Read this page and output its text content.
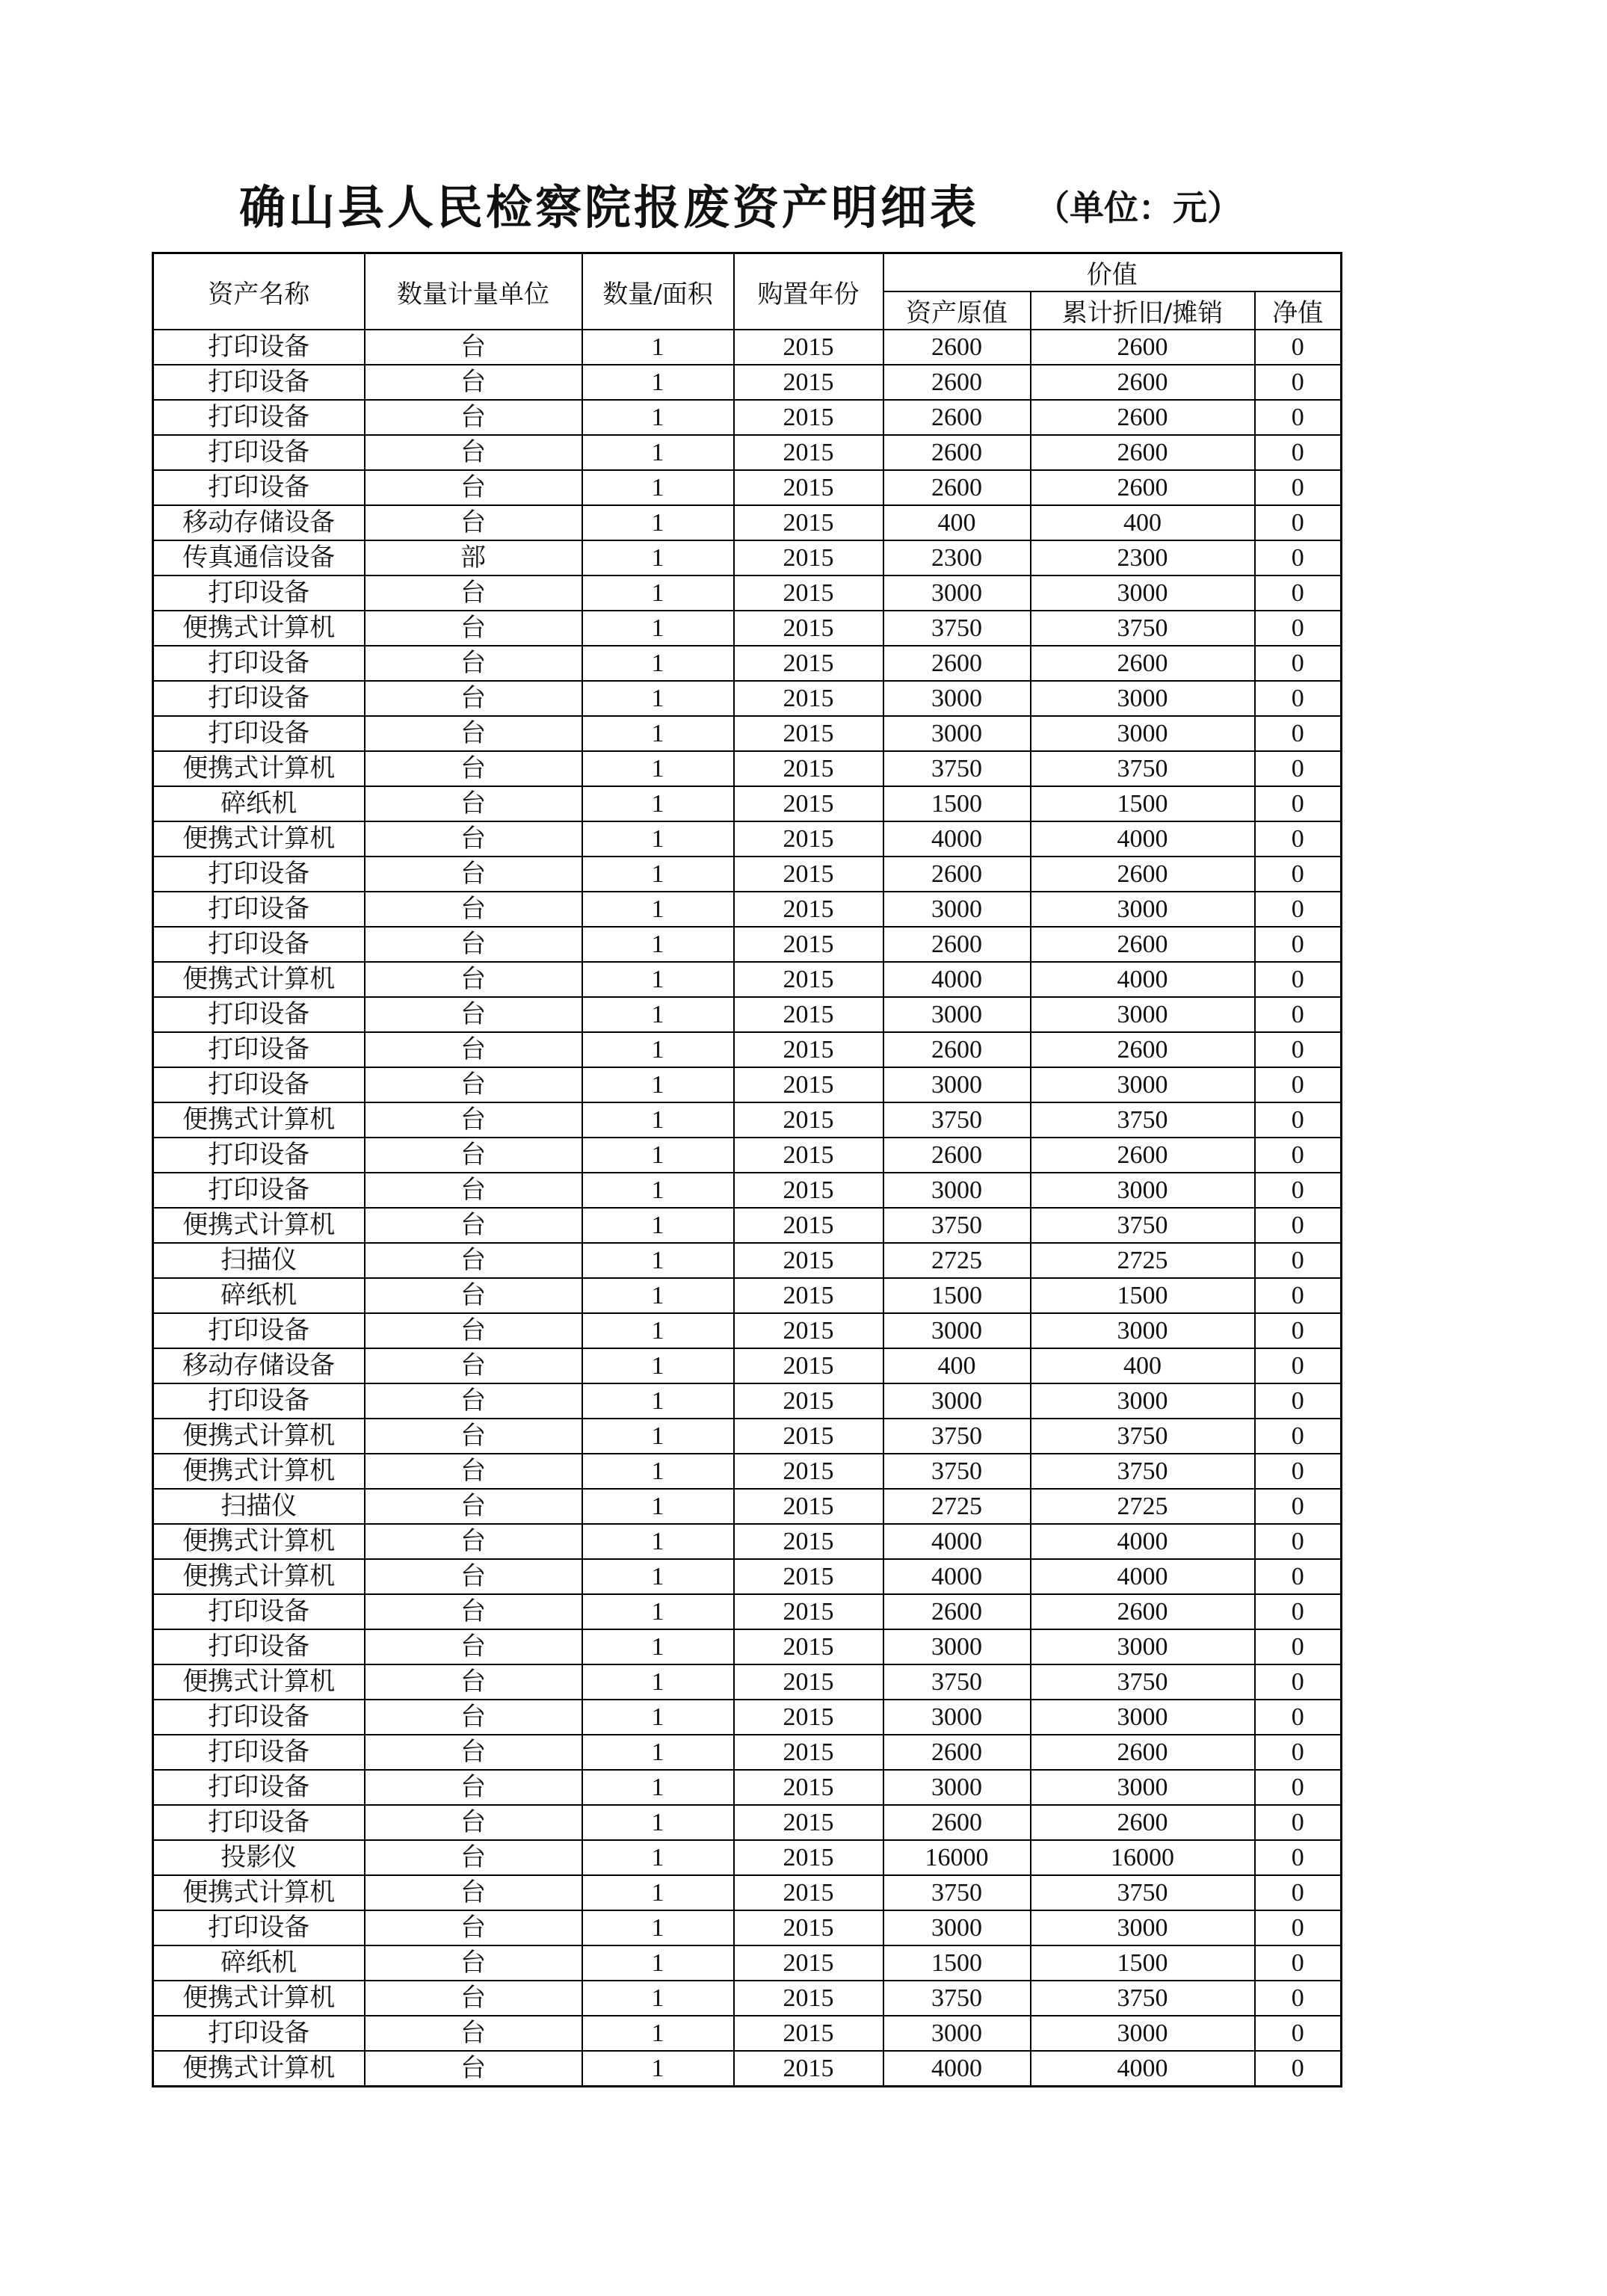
确山县人民检察院报废资产明细表 （单位：元）
资产名称	数量计量单位	数量/面积	购置年份	价值		
				资产原值	累计折旧/摊销	净值
打印设备	台	1	2015	2600	2600	0
打印设备	台	1	2015	2600	2600	0
打印设备	台	1	2015	2600	2600	0
打印设备	台	1	2015	2600	2600	0
打印设备	台	1	2015	2600	2600	0
移动存储设备	台	1	2015	400	400	0
传真通信设备	部	1	2015	2300	2300	0
打印设备	台	1	2015	3000	3000	0
便携式计算机	台	1	2015	3750	3750	0
打印设备	台	1	2015	2600	2600	0
打印设备	台	1	2015	3000	3000	0
打印设备	台	1	2015	3000	3000	0
便携式计算机	台	1	2015	3750	3750	0
碎纸机	台	1	2015	1500	1500	0
便携式计算机	台	1	2015	4000	4000	0
打印设备	台	1	2015	2600	2600	0
打印设备	台	1	2015	3000	3000	0
打印设备	台	1	2015	2600	2600	0
便携式计算机	台	1	2015	4000	4000	0
打印设备	台	1	2015	3000	3000	0
打印设备	台	1	2015	2600	2600	0
打印设备	台	1	2015	3000	3000	0
便携式计算机	台	1	2015	3750	3750	0
打印设备	台	1	2015	2600	2600	0
打印设备	台	1	2015	3000	3000	0
便携式计算机	台	1	2015	3750	3750	0
扫描仪	台	1	2015	2725	2725	0
碎纸机	台	1	2015	1500	1500	0
打印设备	台	1	2015	3000	3000	0
移动存储设备	台	1	2015	400	400	0
打印设备	台	1	2015	3000	3000	0
便携式计算机	台	1	2015	3750	3750	0
便携式计算机	台	1	2015	3750	3750	0
扫描仪	台	1	2015	2725	2725	0
便携式计算机	台	1	2015	4000	4000	0
便携式计算机	台	1	2015	4000	4000	0
打印设备	台	1	2015	2600	2600	0
打印设备	台	1	2015	3000	3000	0
便携式计算机	台	1	2015	3750	3750	0
打印设备	台	1	2015	3000	3000	0
打印设备	台	1	2015	2600	2600	0
打印设备	台	1	2015	3000	3000	0
打印设备	台	1	2015	2600	2600	0
投影仪	台	1	2015	16000	16000	0
便携式计算机	台	1	2015	3750	3750	0
打印设备	台	1	2015	3000	3000	0
碎纸机	台	1	2015	1500	1500	0
便携式计算机	台	1	2015	3750	3750	0
打印设备	台	1	2015	3000	3000	0
便携式计算机	台	1	2015	4000	4000	0
